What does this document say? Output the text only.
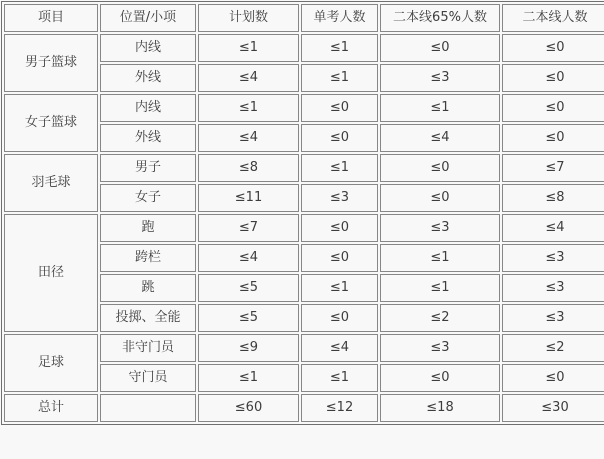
项目	位置/小项	计划数	单考人数	二本线65%人数	二本线人数
男子篮球	内线	≤1	≤1	≤0	≤0
	外线	≤4	≤1	≤3	≤0
女子篮球	内线	≤1	≤0	≤1	≤0
	外线	≤4	≤0	≤4	≤0
羽毛球	男子	≤8	≤1	≤0	≤7
	女子	≤11	≤3	≤0	≤8
田径	跑	≤7	≤0	≤3	≤4
	跨栏	≤4	≤0	≤1	≤3
	跳	≤5	≤1	≤1	≤3
	投掷、全能	≤5	≤0	≤2	≤3
足球	非守门员	≤9	≤4	≤3	≤2
	守门员	≤1	≤1	≤0	≤0
总计		≤60	≤12	≤18	≤30
